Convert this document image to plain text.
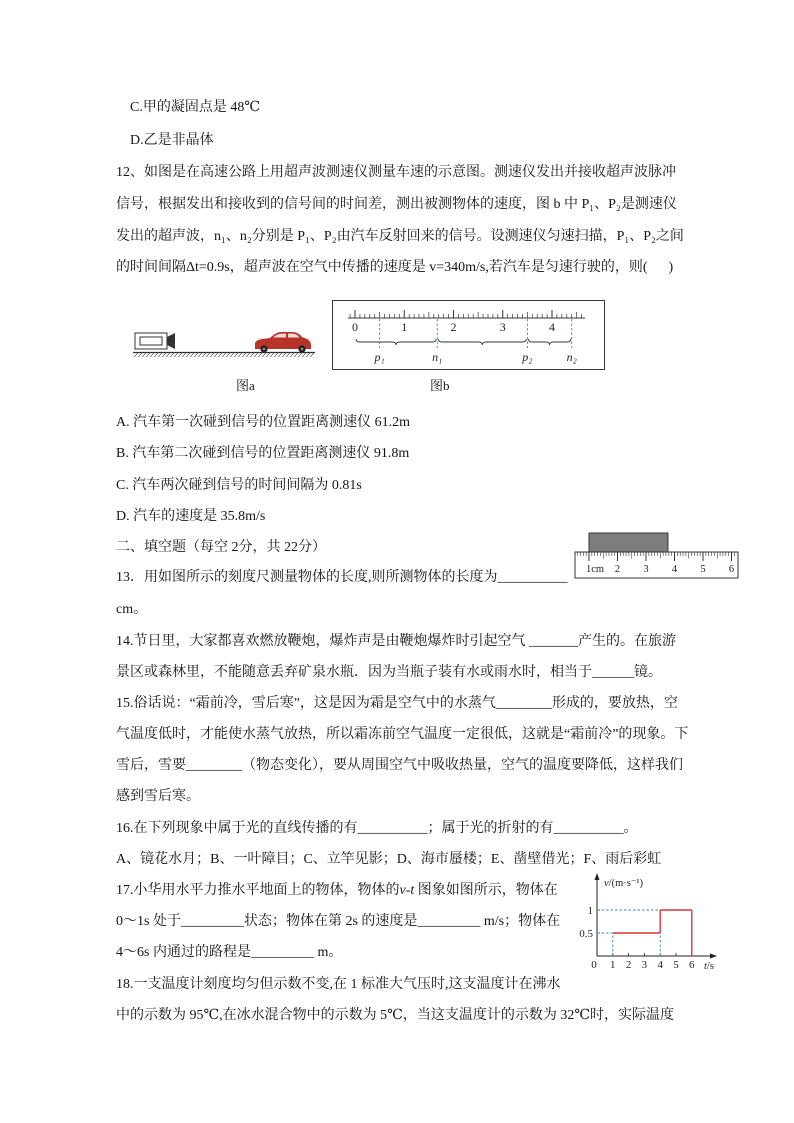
C.甲的凝固点是 48℃
D.乙是非晶体
12、如图是在高速公路上用超声波测速仪测量车速的示意图。测速仪发出并接收超声波脉冲
信号，根据发出和接收到的信号间的时间差，测出被测物体的速度，图 b 中 P₁、P₂是测速仪
发出的超声波，n₁、n₂分别是 P₁、P₂由汽车反射回来的信号。设测速仪匀速扫描，P₁、P₂之间
的时间间隔Δt=0.9s，超声波在空气中传播的速度是 v=340m/s,若汽车是匀速行驶的，则(      )
图a
0	1	2	3	4
p₁	n₁	p₂	n₂
图b
A. 汽车第一次碰到信号的位置距离测速仪 61.2m
B. 汽车第二次碰到信号的位置距离测速仪 91.8m
C. 汽车两次碰到信号的时间间隔为 0.81s
D. 汽车的速度是 35.8m/s
二、填空题（每空 2分，共 22分）
1cm 2 3 4 5 6
13．用如图所示的刻度尺测量物体的长度,则所测物体的长度为__________
cm。
14.节日里，大家都喜欢燃放鞭炮，爆炸声是由鞭炮爆炸时引起空气 _______产生的。在旅游
景区或森林里，不能随意丢弃矿泉水瓶．因为当瓶子装有水或雨水时，相当于______镜。
15.俗话说：“霜前冷，雪后寒”，这是因为霜是空气中的水蒸气________形成的，要放热，空
气温度低时，才能使水蒸气放热，所以霜冻前空气温度一定很低，这就是“霜前冷”的现象。下
雪后，雪要________（物态变化），要从周围空气中吸收热量，空气的温度要降低，这样我们
感到雪后寒。
16.在下列现象中属于光的直线传播的有__________；属于光的折射的有__________。
A、镜花水月；B、一叶障目；C、立竿见影；D、海市蜃楼；E、凿壁借光；F、雨后彩虹
17.小华用水平力推水平地面上的物体，物体的v-t 图象如图所示，物体在
0～1s 处于_________状态；物体在第 2s 的速度是_________ m/s；物体在
4～6s 内通过的路程是_________ m。
v/(m·s⁻¹)
t/s
1
0.5
0 1 2 3 4 5 6
18.一支温度计刻度均匀但示数不变,在 1 标准大气压时,这支温度计在沸水
中的示数为 95℃,在冰水混合物中的示数为 5℃，当这支温度计的示数为 32℃时，实际温度
